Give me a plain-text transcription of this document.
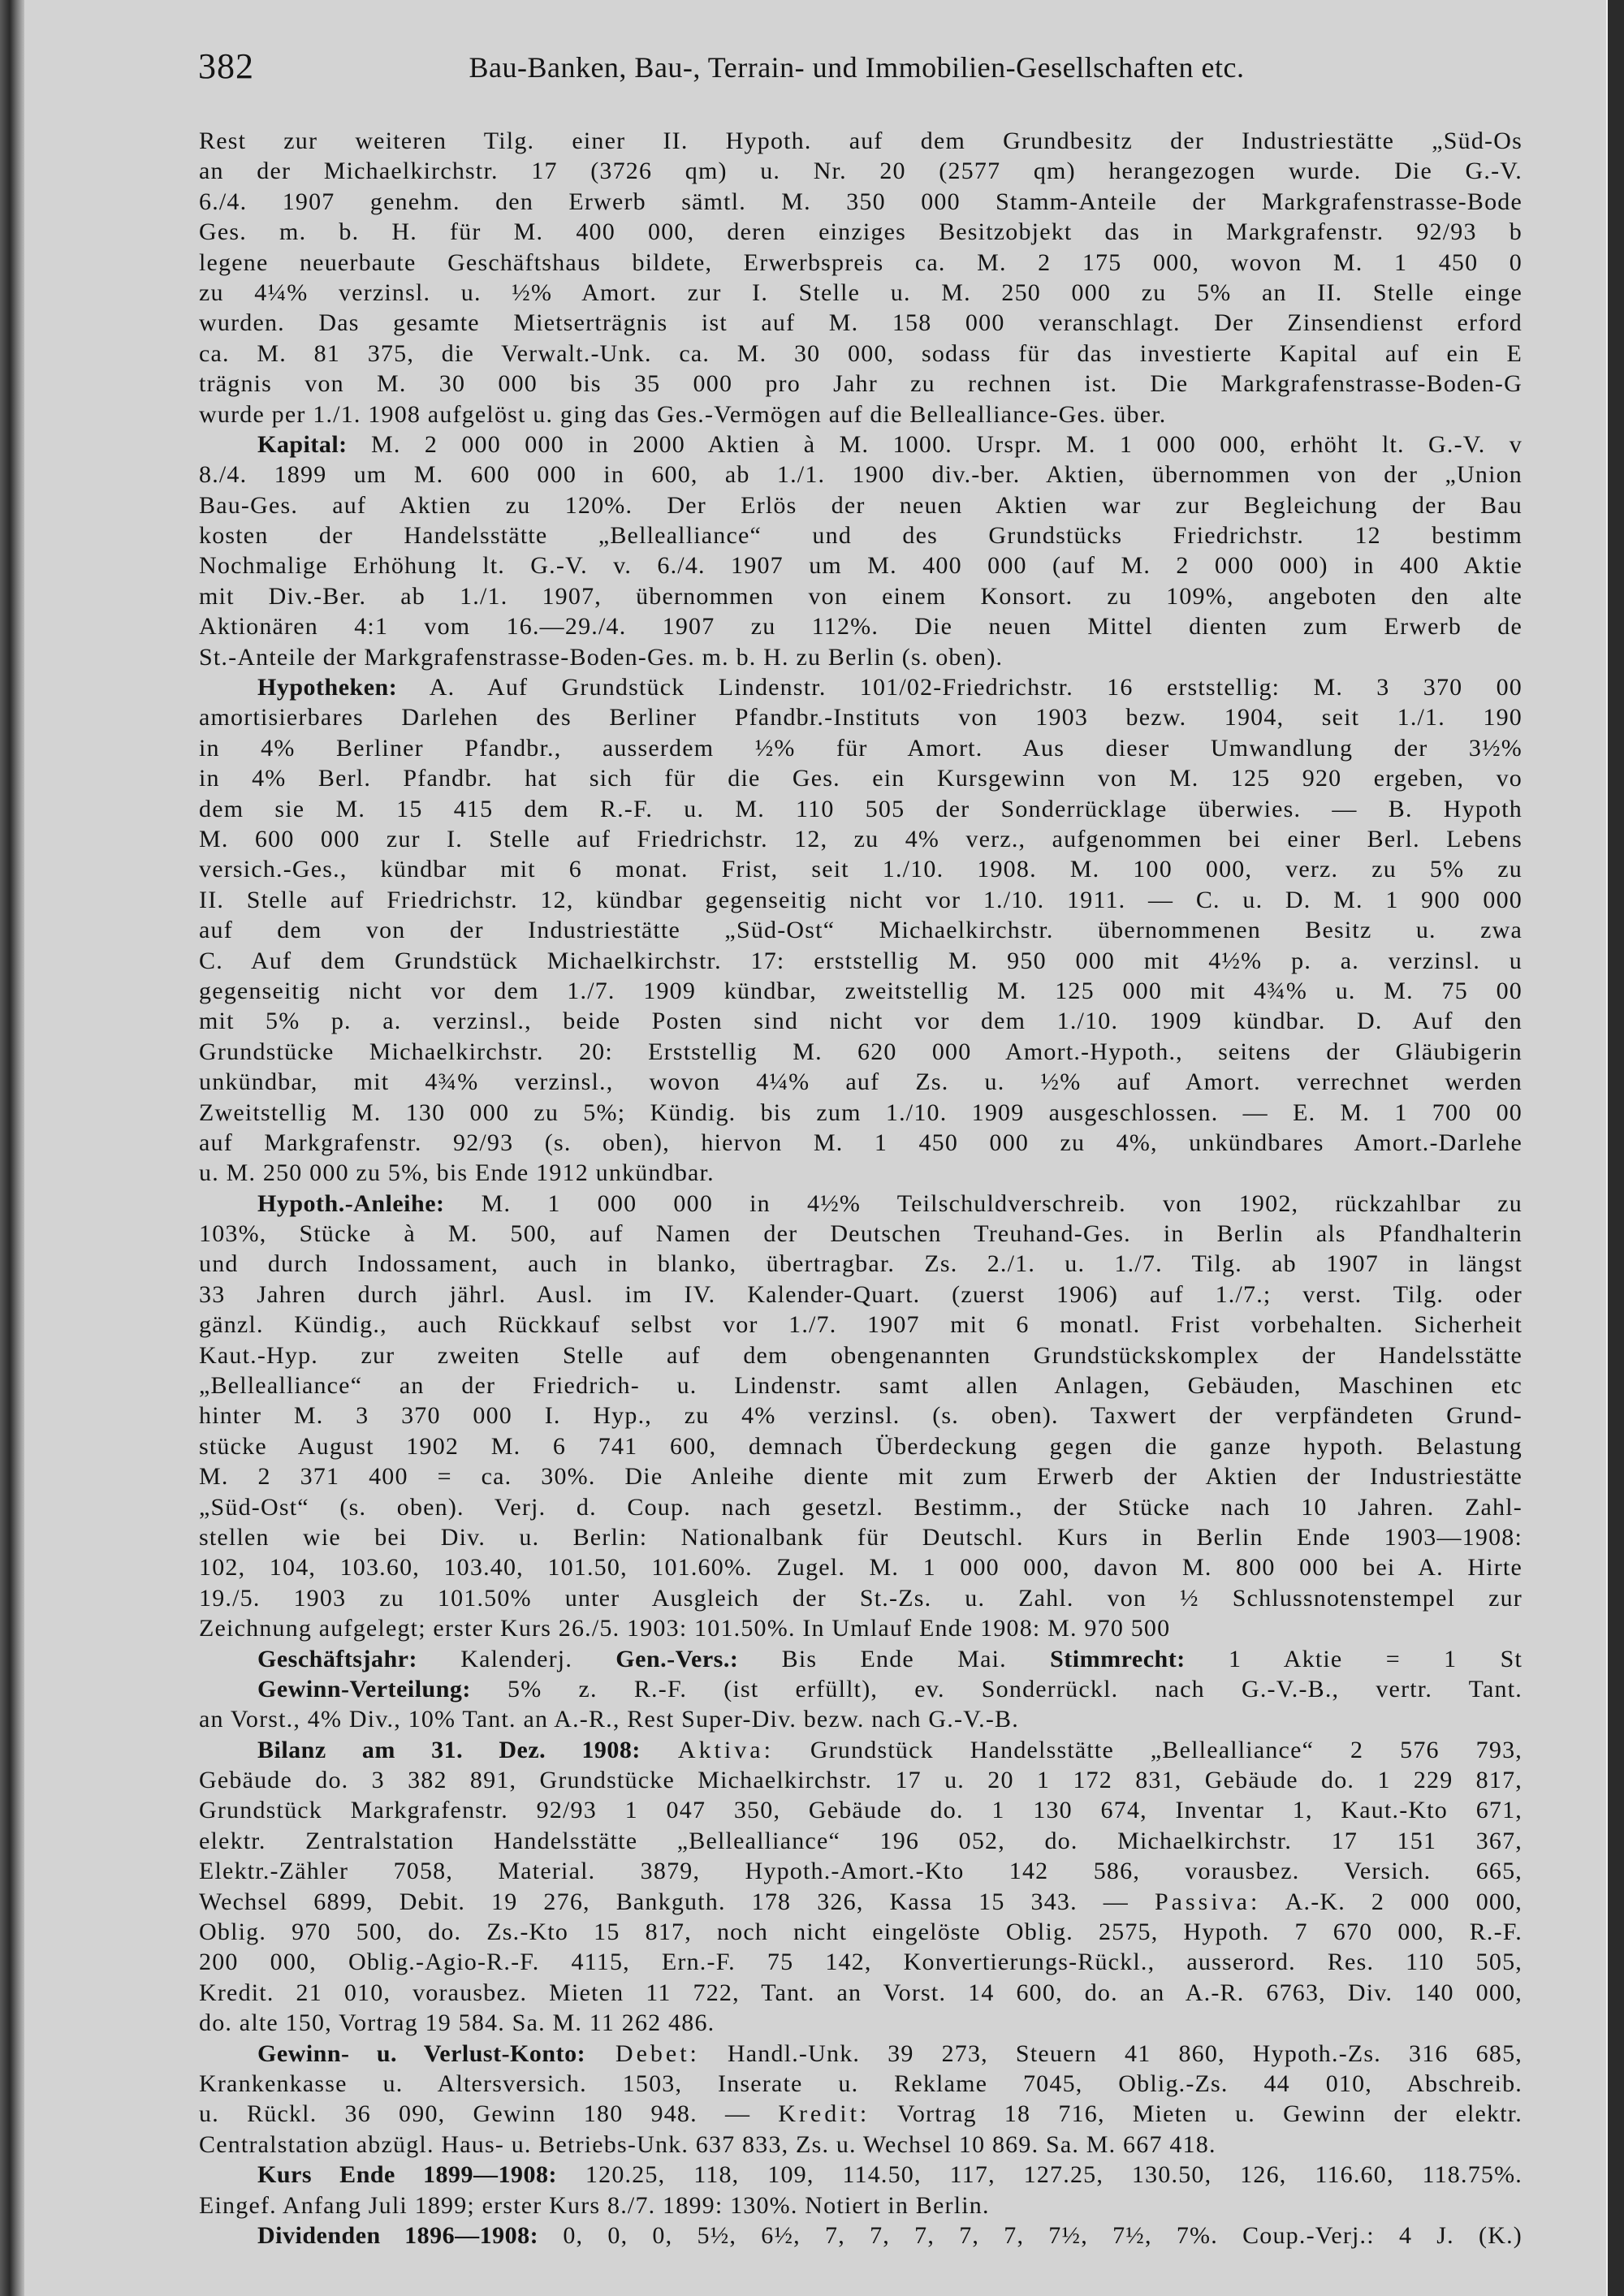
382	Bau-Banken, Bau-, Terrain- und Immobilien-Gesellschaften etc.
Rest zur weiteren Tilg. einer II. Hypoth. auf dem Grundbesitz der Industriestätte „Süd-Os
an der Michaelkirchstr. 17 (3726 qm) u. Nr. 20 (2577 qm) herangezogen wurde. Die G.-V.
6./4. 1907 genehm. den Erwerb sämtl. M. 350 000 Stamm-Anteile der Markgrafenstrasse-Bode
Ges. m. b. H. für M. 400 000, deren einziges Besitzobjekt das in Markgrafenstr. 92/93 b
legene neuerbaute Geschäftshaus bildete, Erwerbspreis ca. M. 2 175 000, wovon M. 1 450 0
zu 4¼% verzinsl. u. ½% Amort. zur I. Stelle u. M. 250 000 zu 5% an II. Stelle einge
wurden. Das gesamte Mietserträgnis ist auf M. 158 000 veranschlagt. Der Zinsendienst erford
ca. M. 81 375, die Verwalt.-Unk. ca. M. 30 000, sodass für das investierte Kapital auf ein E
trägnis von M. 30 000 bis 35 000 pro Jahr zu rechnen ist. Die Markgrafenstrasse-Boden-G
wurde per 1./1. 1908 aufgelöst u. ging das Ges.-Vermögen auf die Bellealliance-Ges. über.
Kapital: M. 2 000 000 in 2000 Aktien à M. 1000. Urspr. M. 1 000 000, erhöht lt. G.-V. v
8./4. 1899 um M. 600 000 in 600, ab 1./1. 1900 div.-ber. Aktien, übernommen von der „Union
Bau-Ges. auf Aktien zu 120%. Der Erlös der neuen Aktien war zur Begleichung der Bau
kosten der Handelsstätte „Bellealliance“ und des Grundstücks Friedrichstr. 12 bestimm
Nochmalige Erhöhung lt. G.-V. v. 6./4. 1907 um M. 400 000 (auf M. 2 000 000) in 400 Aktie
mit Div.-Ber. ab 1./1. 1907, übernommen von einem Konsort. zu 109%, angeboten den alte
Aktionären 4:1 vom 16.—29./4. 1907 zu 112%. Die neuen Mittel dienten zum Erwerb de
St.-Anteile der Markgrafenstrasse-Boden-Ges. m. b. H. zu Berlin (s. oben).
Hypotheken: A. Auf Grundstück Lindenstr. 101/02-Friedrichstr. 16 erststellig: M. 3 370 00
amortisierbares Darlehen des Berliner Pfandbr.-Instituts von 1903 bezw. 1904, seit 1./1. 190
in 4% Berliner Pfandbr., ausserdem ½% für Amort. Aus dieser Umwandlung der 3½%
in 4% Berl. Pfandbr. hat sich für die Ges. ein Kursgewinn von M. 125 920 ergeben, vo
dem sie M. 15 415 dem R.-F. u. M. 110 505 der Sonderrücklage überwies. — B. Hypoth
M. 600 000 zur I. Stelle auf Friedrichstr. 12, zu 4% verz., aufgenommen bei einer Berl. Lebens
versich.-Ges., kündbar mit 6 monat. Frist, seit 1./10. 1908. M. 100 000, verz. zu 5% zu
II. Stelle auf Friedrichstr. 12, kündbar gegenseitig nicht vor 1./10. 1911. — C. u. D. M. 1 900 000
auf dem von der Industriestätte „Süd-Ost“ Michaelkirchstr. übernommenen Besitz u. zwa
C. Auf dem Grundstück Michaelkirchstr. 17: erststellig M. 950 000 mit 4½% p. a. verzinsl. u
gegenseitig nicht vor dem 1./7. 1909 kündbar, zweitstellig M. 125 000 mit 4¾% u. M. 75 00
mit 5% p. a. verzinsl., beide Posten sind nicht vor dem 1./10. 1909 kündbar. D. Auf den
Grundstücke Michaelkirchstr. 20: Erststellig M. 620 000 Amort.-Hypoth., seitens der Gläubigerin
unkündbar, mit 4¾% verzinsl., wovon 4¼% auf Zs. u. ½% auf Amort. verrechnet werden
Zweitstellig M. 130 000 zu 5%; Kündig. bis zum 1./10. 1909 ausgeschlossen. — E. M. 1 700 00
auf Markgrafenstr. 92/93 (s. oben), hiervon M. 1 450 000 zu 4%, unkündbares Amort.-Darlehe
u. M. 250 000 zu 5%, bis Ende 1912 unkündbar.
Hypoth.-Anleihe: M. 1 000 000 in 4½% Teilschuldverschreib. von 1902, rückzahlbar zu
103%, Stücke à M. 500, auf Namen der Deutschen Treuhand-Ges. in Berlin als Pfandhalterin
und durch Indossament, auch in blanko, übertragbar. Zs. 2./1. u. 1./7. Tilg. ab 1907 in längst
33 Jahren durch jährl. Ausl. im IV. Kalender-Quart. (zuerst 1906) auf 1./7.; verst. Tilg. oder
gänzl. Kündig., auch Rückkauf selbst vor 1./7. 1907 mit 6 monatl. Frist vorbehalten. Sicherheit
Kaut.-Hyp. zur zweiten Stelle auf dem obengenannten Grundstückskomplex der Handelsstätte
„Bellealliance“ an der Friedrich- u. Lindenstr. samt allen Anlagen, Gebäuden, Maschinen etc
hinter M. 3 370 000 I. Hyp., zu 4% verzinsl. (s. oben). Taxwert der verpfändeten Grund-
stücke August 1902 M. 6 741 600, demnach Überdeckung gegen die ganze hypoth. Belastung
M. 2 371 400 = ca. 30%. Die Anleihe diente mit zum Erwerb der Aktien der Industriestätte
„Süd-Ost“ (s. oben). Verj. d. Coup. nach gesetzl. Bestimm., der Stücke nach 10 Jahren. Zahl-
stellen wie bei Div. u. Berlin: Nationalbank für Deutschl. Kurs in Berlin Ende 1903—1908:
102, 104, 103.60, 103.40, 101.50, 101.60%. Zugel. M. 1 000 000, davon M. 800 000 bei A. Hirte
19./5. 1903 zu 101.50% unter Ausgleich der St.-Zs. u. Zahl. von ½ Schlussnotenstempel zur
Zeichnung aufgelegt; erster Kurs 26./5. 1903: 101.50%. In Umlauf Ende 1908: M. 970 500
Geschäftsjahr: Kalenderj. Gen.-Vers.: Bis Ende Mai. Stimmrecht: 1 Aktie = 1 St
Gewinn-Verteilung: 5% z. R.-F. (ist erfüllt), ev. Sonderrückl. nach G.-V.-B., vertr. Tant.
an Vorst., 4% Div., 10% Tant. an A.-R., Rest Super-Div. bezw. nach G.-V.-B.
Bilanz am 31. Dez. 1908: Aktiva: Grundstück Handelsstätte „Bellealliance“ 2 576 793,
Gebäude do. 3 382 891, Grundstücke Michaelkirchstr. 17 u. 20 1 172 831, Gebäude do. 1 229 817,
Grundstück Markgrafenstr. 92/93 1 047 350, Gebäude do. 1 130 674, Inventar 1, Kaut.-Kto 671,
elektr. Zentralstation Handelsstätte „Bellealliance“ 196 052, do. Michaelkirchstr. 17 151 367,
Elektr.-Zähler 7058, Material. 3879, Hypoth.-Amort.-Kto 142 586, vorausbez. Versich. 665,
Wechsel 6899, Debit. 19 276, Bankguth. 178 326, Kassa 15 343. — Passiva: A.-K. 2 000 000,
Oblig. 970 500, do. Zs.-Kto 15 817, noch nicht eingelöste Oblig. 2575, Hypoth. 7 670 000, R.-F.
200 000, Oblig.-Agio-R.-F. 4115, Ern.-F. 75 142, Konvertierungs-Rückl., ausserord. Res. 110 505,
Kredit. 21 010, vorausbez. Mieten 11 722, Tant. an Vorst. 14 600, do. an A.-R. 6763, Div. 140 000,
do. alte 150, Vortrag 19 584. Sa. M. 11 262 486.
Gewinn- u. Verlust-Konto: Debet: Handl.-Unk. 39 273, Steuern 41 860, Hypoth.-Zs. 316 685,
Krankenkasse u. Altersversich. 1503, Inserate u. Reklame 7045, Oblig.-Zs. 44 010, Abschreib.
u. Rückl. 36 090, Gewinn 180 948. — Kredit: Vortrag 18 716, Mieten u. Gewinn der elektr.
Centralstation abzügl. Haus- u. Betriebs-Unk. 637 833, Zs. u. Wechsel 10 869. Sa. M. 667 418.
Kurs Ende 1899—1908: 120.25, 118, 109, 114.50, 117, 127.25, 130.50, 126, 116.60, 118.75%.
Eingef. Anfang Juli 1899; erster Kurs 8./7. 1899: 130%. Notiert in Berlin.
Dividenden 1896—1908: 0, 0, 0, 5½, 6½, 7, 7, 7, 7, 7, 7½, 7½, 7%. Coup.-Verj.: 4 J. (K.)
